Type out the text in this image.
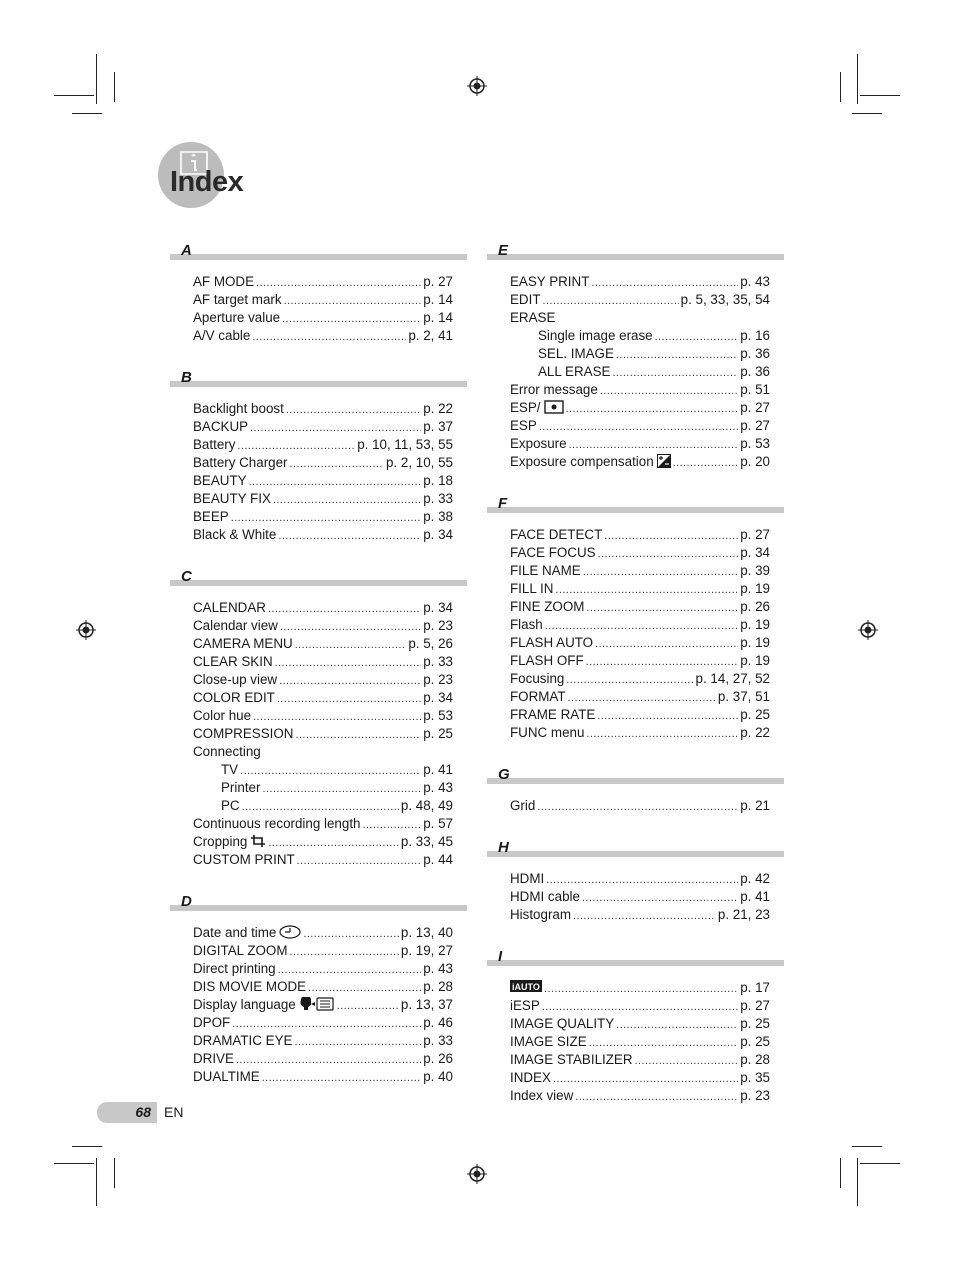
Index
A
AF MODE .....	p. 27
AF target mark .....	p. 14
Aperture value .....	p. 14
A/V cable .....	p. 2, 41
B
Backlight boost .....	p. 22
BACKUP .....	p. 37
Battery .....	p. 10, 11, 53, 55
Battery Charger .....	p. 2, 10, 55
BEAUTY .....	p. 18
BEAUTY FIX .....	p. 33
BEEP .....	p. 38
Black & White .....	p. 34
C
CALENDAR .....	p. 34
Calendar view .....	p. 23
CAMERA MENU .....	p. 5, 26
CLEAR SKIN .....	p. 33
Close-up view .....	p. 23
COLOR EDIT .....	p. 34
Color hue .....	p. 53
COMPRESSION .....	p. 25
Connecting
TV .....	p. 41
Printer .....	p. 43
PC .....	p. 48, 49
Continuous recording length .....	p. 57
Cropping .....	p. 33, 45
CUSTOM PRINT .....	p. 44
D
Date and time .....	p. 13, 40
DIGITAL ZOOM .....	p. 19, 27
Direct printing .....	p. 43
DIS MOVIE MODE .....	p. 28
Display language .....	p. 13, 37
DPOF .....	p. 46
DRAMATIC EYE .....	p. 33
DRIVE .....	p. 26
DUALTIME .....	p. 40
E
EASY PRINT .....	p. 43
EDIT .....	p. 5, 33, 35, 54
ERASE
Single image erase .....	p. 16
SEL. IMAGE .....	p. 36
ALL ERASE .....	p. 36
Error message .....	p. 51
ESP/ .....	p. 27
ESP .....	p. 27
Exposure .....	p. 53
Exposure compensation .....	p. 20
F
FACE DETECT .....	p. 27
FACE FOCUS .....	p. 34
FILE NAME .....	p. 39
FILL IN .....	p. 19
FINE ZOOM .....	p. 26
Flash .....	p. 19
FLASH AUTO .....	p. 19
FLASH OFF .....	p. 19
Focusing .....	p. 14, 27, 52
FORMAT .....	p. 37, 51
FRAME RATE .....	p. 25
FUNC menu .....	p. 22
G
Grid .....	p. 21
H
HDMI .....	p. 42
HDMI cable .....	p. 41
Histogram .....	p. 21, 23
I
iAUTO .....	p. 17
iESP .....	p. 27
IMAGE QUALITY .....	p. 25
IMAGE SIZE .....	p. 25
IMAGE STABILIZER .....	p. 28
INDEX .....	p. 35
Index view .....	p. 23
68 EN
